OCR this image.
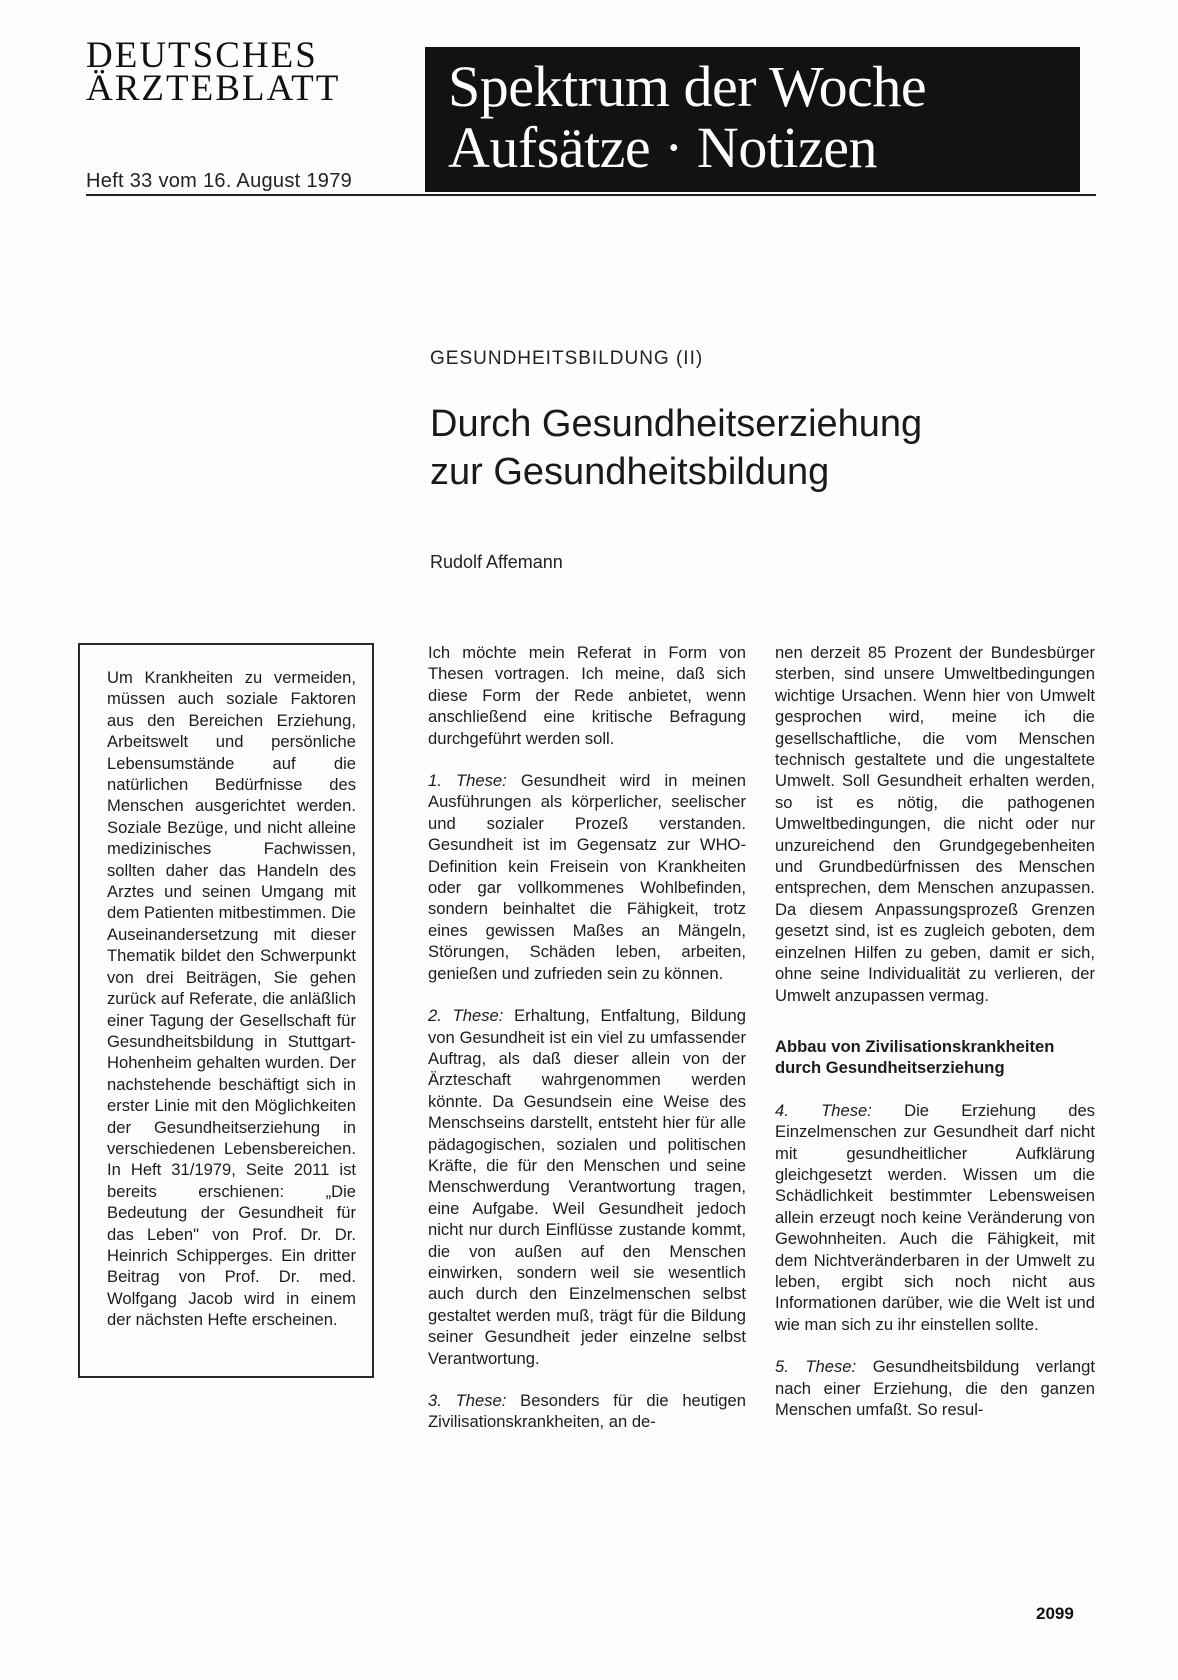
DEUTSCHES

ÄRZTEBLATT
Heft 33 vom 16. August 1979
Spektrum der Woche
Aufsätze · Notizen
GESUNDHEITSBILDUNG (II)
Durch Gesundheitserziehung
zur Gesundheitsbildung
Rudolf Affemann

Um Krankheiten zu vermeiden, müssen auch soziale Faktoren aus den Bereichen Erziehung, Arbeitswelt und persönliche Lebensumstände auf die natürlichen Bedürfnisse des Menschen ausgerichtet werden. Soziale Bezüge, und nicht alleine medizinisches Fachwissen, sollten daher das Handeln des Arztes und seinen Umgang mit dem Patienten mitbestimmen. Die Auseinandersetzung mit dieser Thematik bildet den Schwerpunkt von drei Beiträgen, Sie gehen zurück auf Referate, die anläßlich einer Tagung der Gesellschaft für Gesundheitsbildung in Stuttgart-Hohenheim gehalten wurden. Der nachstehende beschäftigt sich in erster Linie mit den Möglichkeiten der Gesundheitserziehung in verschiedenen Lebensbereichen. In Heft 31/1979, Seite 2011 ist bereits erschienen: „Die Bedeutung der Gesundheit für das Leben" von Prof. Dr. Dr. Heinrich Schipperges. Ein dritter Beitrag von Prof. Dr. med. Wolfgang Jacob wird in einem der nächsten Hefte erscheinen.

Ich möchte mein Referat in Form von Thesen vortragen. Ich meine, daß sich diese Form der Rede anbietet, wenn anschließend eine kritische Befragung durchgeführt werden soll.

1. These: Gesundheit wird in meinen Ausführungen als körperlicher, seelischer und sozialer Prozeß verstanden. Gesundheit ist im Gegensatz zur WHO-Definition kein Freisein von Krankheiten oder gar vollkommenes Wohlbefinden, sondern beinhaltet die Fähigkeit, trotz eines gewissen Maßes an Mängeln, Störungen, Schäden leben, arbeiten, genießen und zufrieden sein zu können.

2. These: Erhaltung, Entfaltung, Bildung von Gesundheit ist ein viel zu umfassender Auftrag, als daß dieser allein von der Ärzteschaft wahrgenommen werden könnte. Da Gesundsein eine Weise des Menschseins darstellt, entsteht hier für alle pädagogischen, sozialen und politischen Kräfte, die für den Menschen und seine Menschwerdung Verantwortung tragen, eine Aufgabe. Weil Gesundheit jedoch nicht nur durch Einflüsse zustande kommt, die von außen auf den Menschen einwirken, sondern weil sie wesentlich auch durch den Einzelmenschen selbst gestaltet werden muß, trägt für die Bildung seiner Gesundheit jeder einzelne selbst Verantwortung.

3. These: Besonders für die heutigen Zivilisationskrankheiten, an de-

nen derzeit 85 Prozent der Bundesbürger sterben, sind unsere Umweltbedingungen wichtige Ursachen. Wenn hier von Umwelt gesprochen wird, meine ich die gesellschaftliche, die vom Menschen technisch gestaltete und die ungestaltete Umwelt. Soll Gesundheit erhalten werden, so ist es nötig, die pathogenen Umweltbedingungen, die nicht oder nur unzureichend den Grundgegebenheiten und Grundbedürfnissen des Menschen entsprechen, dem Menschen anzupassen. Da diesem Anpassungsprozeß Grenzen gesetzt sind, ist es zugleich geboten, dem einzelnen Hilfen zu geben, damit er sich, ohne seine Individualität zu verlieren, der Umwelt anzupassen vermag.

Abbau von Zivilisationskrankheiten durch Gesundheitserziehung

4. These: Die Erziehung des Einzelmenschen zur Gesundheit darf nicht mit gesundheitlicher Aufklärung gleichgesetzt werden. Wissen um die Schädlichkeit bestimmter Lebensweisen allein erzeugt noch keine Veränderung von Gewohnheiten. Auch die Fähigkeit, mit dem Nichtveränderbaren in der Umwelt zu leben, ergibt sich noch nicht aus Informationen darüber, wie die Welt ist und wie man sich zu ihr einstellen sollte.

5. These: Gesundheitsbildung verlangt nach einer Erziehung, die den ganzen Menschen umfaßt. So resul-

2099
